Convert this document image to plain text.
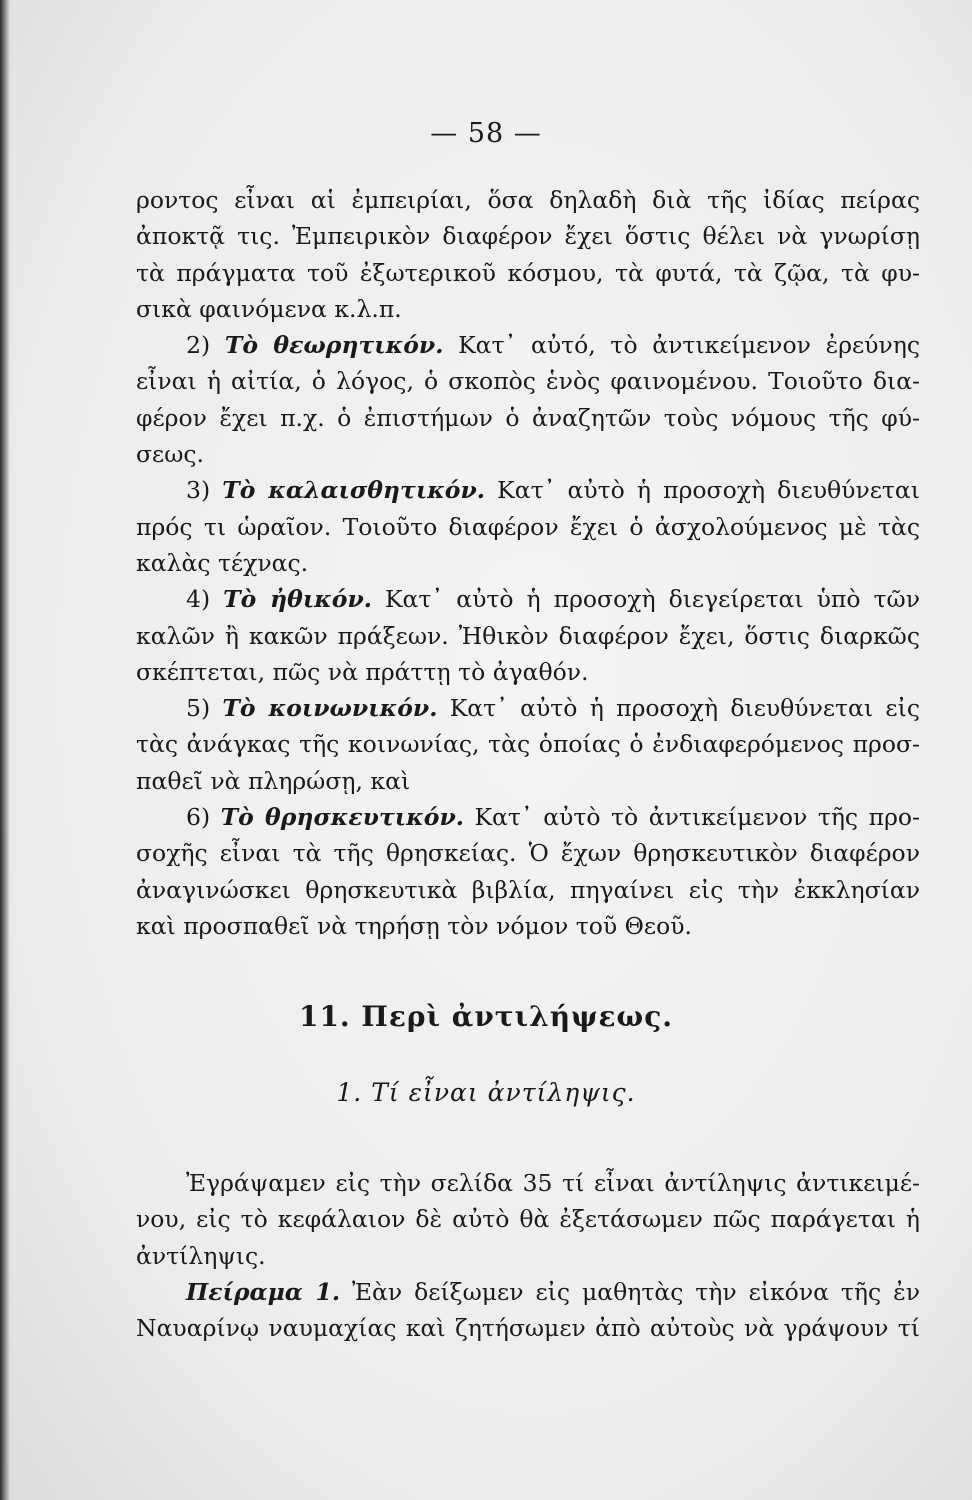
— 58 —
ροντος εἶναι αἱ ἐμπειρίαι, ὅσα δηλαδὴ διὰ τῆς ἰδίας πείρας
ἀποκτᾷ τις. Ἐμπειρικὸν διαφέρον ἔχει ὅστις θέλει νὰ γνωρίσῃ
τὰ πράγματα τοῦ ἐξωτερικοῦ κόσμου, τὰ φυτά, τὰ ζῷα, τὰ φυ-
σικὰ φαινόμενα κ.λ.π.
2) Τὸ θεωρητικόν. Κατ᾽ αὐτό, τὸ ἀντικείμενον ἐρεύνης
εἶναι ἡ αἰτία, ὁ λόγος, ὁ σκοπὸς ἑνὸς φαινομένου. Τοιοῦτο δια-
φέρον ἔχει π.χ. ὁ ἐπιστήμων ὁ ἀναζητῶν τοὺς νόμους τῆς φύ-
σεως.
3) Τὸ καλαισθητικόν. Κατ᾽ αὐτὸ ἡ προσοχὴ διευθύνεται
πρός τι ὡραῖον. Τοιοῦτο διαφέρον ἔχει ὁ ἀσχολούμενος μὲ τὰς
καλὰς τέχνας.
4) Τὸ ἠθικόν. Κατ᾽ αὐτὸ ἡ προσοχὴ διεγείρεται ὑπὸ τῶν
καλῶν ἢ κακῶν πράξεων. Ἠθικὸν διαφέρον ἔχει, ὅστις διαρκῶς
σκέπτεται, πῶς νὰ πράττῃ τὸ ἀγαθόν.
5) Τὸ κοινωνικόν. Κατ᾽ αὐτὸ ἡ προσοχὴ διευθύνεται εἰς
τὰς ἀνάγκας τῆς κοινωνίας, τὰς ὁποίας ὁ ἐνδιαφερόμενος προσ-
παθεῖ νὰ πληρώσῃ, καὶ
6) Τὸ θρησκευτικόν. Κατ᾽ αὐτὸ τὸ ἀντικείμενον τῆς προ-
σοχῆς εἶναι τὰ τῆς θρησκείας. Ὁ ἔχων θρησκευτικὸν διαφέρον
ἀναγινώσκει θρησκευτικὰ βιβλία, πηγαίνει εἰς τὴν ἐκκλησίαν
καὶ προσπαθεῖ νὰ τηρήσῃ τὸν νόμον τοῦ Θεοῦ.
11. Περὶ ἀντιλήψεως.
1. Τί εἶναι ἀντίληψις.
Ἐγράψαμεν εἰς τὴν σελίδα 35 τί εἶναι ἀντίληψις ἀντικειμέ-
νου, εἰς τὸ κεφάλαιον δὲ αὐτὸ θὰ ἐξετάσωμεν πῶς παράγεται ἡ
ἀντίληψις.
Πείραμα 1. Ἐὰν δείξωμεν εἰς μαθητὰς τὴν εἰκόνα τῆς ἐν
Ναυαρίνῳ ναυμαχίας καὶ ζητήσωμεν ἀπὸ αὐτοὺς νὰ γράψουν τί
